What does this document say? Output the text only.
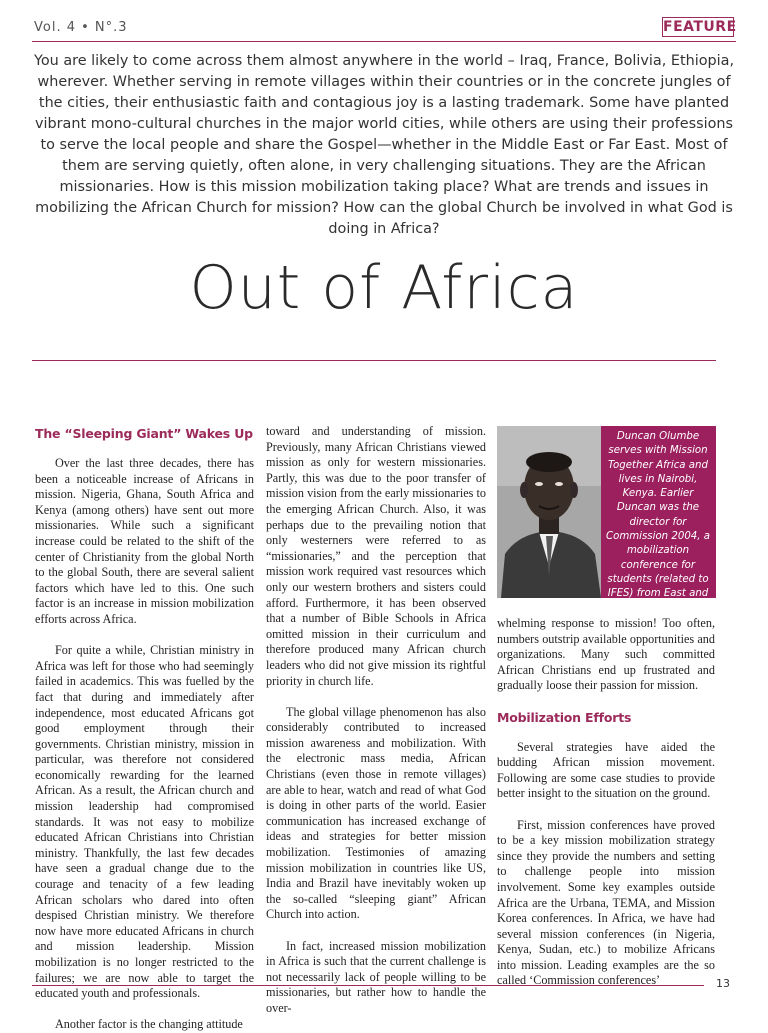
Vol. 4 • N°.3	FEATURE

You are likely to come across them almost anywhere in the world – Iraq, France, Bolivia, Ethiopia, wherever. Whether serving in remote villages within their countries or in the concrete jungles of the cities, their enthusiastic faith and contagious joy is a lasting trademark. Some have planted vibrant mono-cultural churches in the major world cities, while others are using their professions to serve the local people and share the Gospel—whether in the Middle East or Far East. Most of them are serving quietly, often alone, in very challenging situations. They are the African missionaries. How is this mission mobilization taking place? What are trends and issues in mobilizing the African Church for mission? How can the global Church be involved in what God is doing in Africa?

Out of Africa
The “Sleeping Giant” Wakes Up

Over the last three decades, there has been a noticeable increase of Africans in mission. Nigeria, Ghana, South Africa and Kenya (among others) have sent out more missionaries. While such a significant increase could be related to the shift of the center of Christianity from the global North to the global South, there are several salient factors which have led to this. One such factor is an increase in mission mobilization efforts across Africa.

For quite a while, Christian ministry in Africa was left for those who had seemingly failed in academics. This was fuelled by the fact that during and immediately after independence, most educated Africans got good employment through their governments. Christian ministry, mission in particular, was therefore not considered economically rewarding for the learned African. As a result, the African church and mission leadership had compromised standards. It was not easy to mobilize educated African Christians into Christian ministry. Thankfully, the last few decades have seen a gradual change due to the courage and tenacity of a few leading African scholars who dared into often despised Christian ministry. We therefore now have more educated Africans in church and mission leadership. Mission mobilization is no longer restricted to the failures; we are now able to target the educated youth and professionals.

Another factor is the changing attitude

toward and understanding of mission. Previously, many African Christians viewed mission as only for western missionaries. Partly, this was due to the poor transfer of mission vision from the early missionaries to the emerging African Church. Also, it was perhaps due to the prevailing notion that only westerners were referred to as “missionaries,” and the perception that mission work required vast resources which only our western brothers and sisters could afford. Furthermore, it has been observed that a number of Bible Schools in Africa omitted mission in their curriculum and therefore produced many African church leaders who did not give mission its rightful priority in church life.

The global village phenomenon has also considerably contributed to increased mission awareness and mobilization. With the electronic mass media, African Christians (even those in remote villages) are able to hear, watch and read of what God is doing in other parts of the world. Easier communication has increased exchange of ideas and strategies for better mission mobilization. Testimonies of amazing mission mobilization in countries like US, India and Brazil have inevitably woken up the so-called “sleeping giant” African Church into action.

In fact, increased mission mobilization in Africa is such that the current challenge is not necessarily lack of people willing to be missionaries, but rather how to handle the over-

Duncan Olumbe serves with Mission Together Africa and lives in Nairobi, Kenya. Earlier Duncan was the director for Commission 2004, a mobilization conference for students (related to IFES) from East and Southern Africa.

whelming response to mission! Too often, numbers outstrip available opportunities and organizations. Many such committed African Christians end up frustrated and gradually loose their passion for mission.

Mobilization Efforts

Several strategies have aided the budding African mission movement. Following are some case studies to provide better insight to the situation on the ground.

First, mission conferences have proved to be a key mission mobilization strategy since they provide the numbers and setting to challenge people into mission involvement. Some key examples outside Africa are the Urbana, TEMA, and Mission Korea conferences. In Africa, we have had several mission conferences (in Nigeria, Kenya, Sudan, etc.) to mobilize Africans into mission. Leading examples are the so called ‘Commission conferences’	13
